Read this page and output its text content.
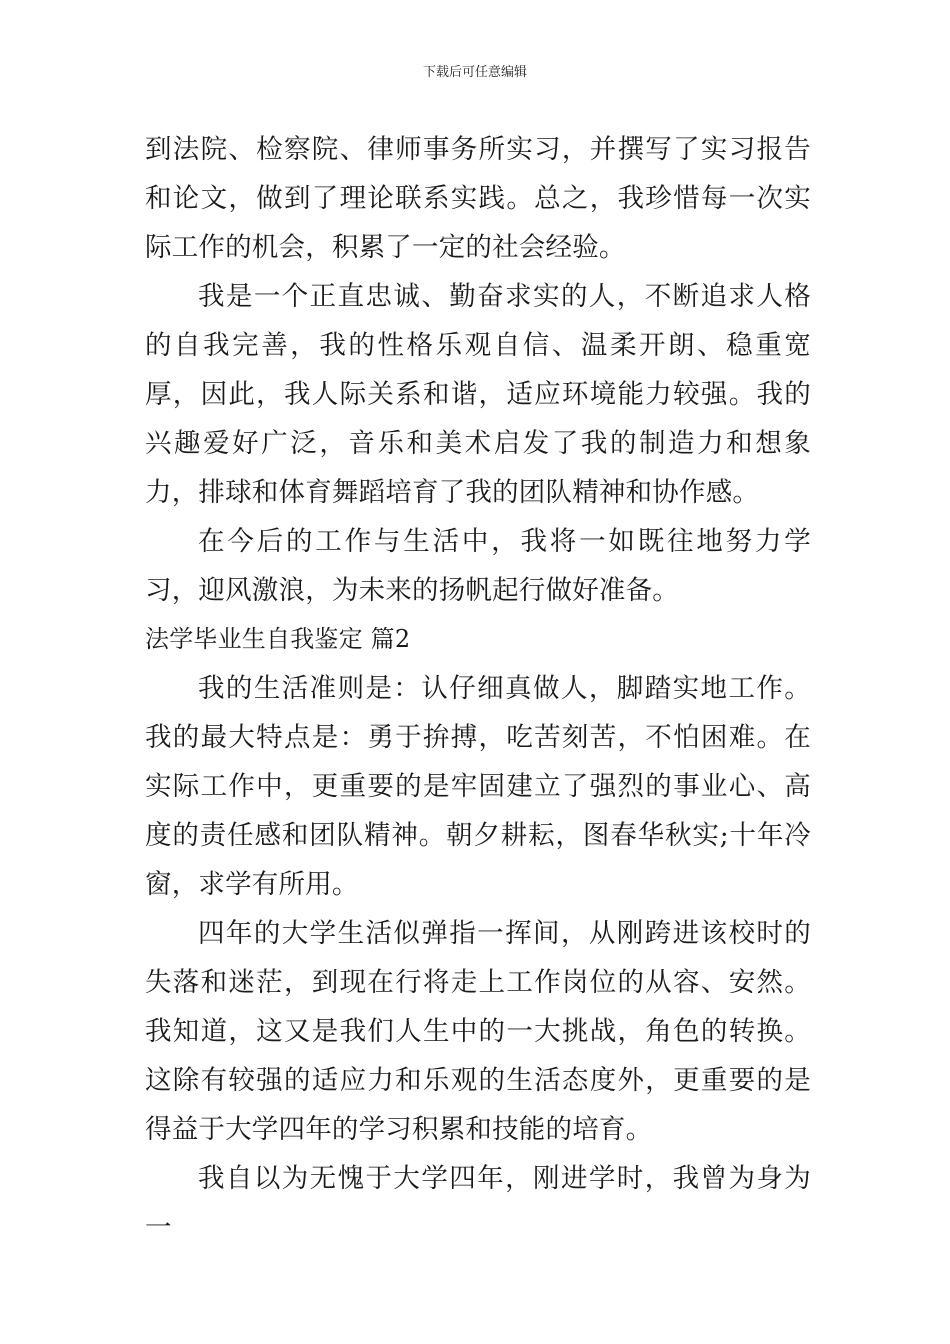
下载后可任意编辑

到法院、检察院、律师事务所实习，并撰写了实习报告和论文，做到了理论联系实践。总之，我珍惜每一次实际工作的机会，积累了一定的社会经验。

我是一个正直忠诚、勤奋求实的人，不断追求人格的自我完善，我的性格乐观自信、温柔开朗、稳重宽厚，因此，我人际关系和谐，适应环境能力较强。我的兴趣爱好广泛，音乐和美术启发了我的制造力和想象力，排球和体育舞蹈培育了我的团队精神和协作感。

在今后的工作与生活中，我将一如既往地努力学习，迎风激浪，为未来的扬帆起行做好准备。

法学毕业生自我鉴定 篇2

我的生活准则是：认仔细真做人，脚踏实地工作。我的最大特点是：勇于拚搏，吃苦刻苦，不怕困难。在实际工作中，更重要的是牢固建立了强烈的事业心、高度的责任感和团队精神。朝夕耕耘，图春华秋实;十年冷窗，求学有所用。

四年的大学生活似弹指一挥间，从刚跨进该校时的失落和迷茫，到现在行将走上工作岗位的从容、安然。我知道，这又是我们人生中的一大挑战，角色的转换。这除有较强的适应力和乐观的生活态度外，更重要的是得益于大学四年的学习积累和技能的培育。

我自以为无愧于大学四年，刚进学时，我曾为身为一
